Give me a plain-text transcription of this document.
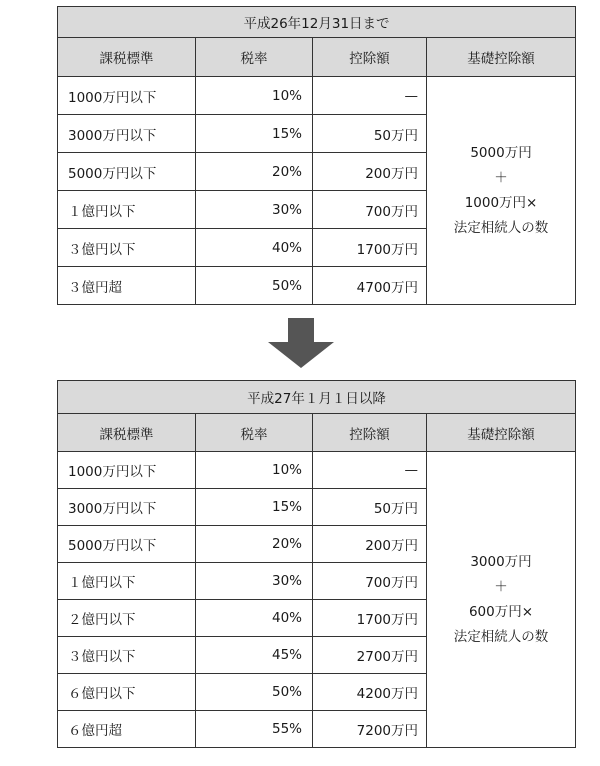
平成26年12月31日まで			
課税標準	税率	控除額	基礎控除額
1000万円以下	10%	—	5000万円
＋
1000万円×
法定相続人の数

3000万円以下	15%	50万円	
5000万円以下	20%	200万円	
１億円以下	30%	700万円	
３億円以下	40%	1700万円	
３億円超	50%	4700万円	
平成27年１月１日以降			
課税標準	税率	控除額	基礎控除額
1000万円以下	10%	—	3000万円
＋
600万円×
法定相続人の数

3000万円以下	15%	50万円	
5000万円以下	20%	200万円	
１億円以下	30%	700万円	
２億円以下	40%	1700万円	
３億円以下	45%	2700万円	
６億円以下	50%	4200万円	
６億円超	55%	7200万円	
